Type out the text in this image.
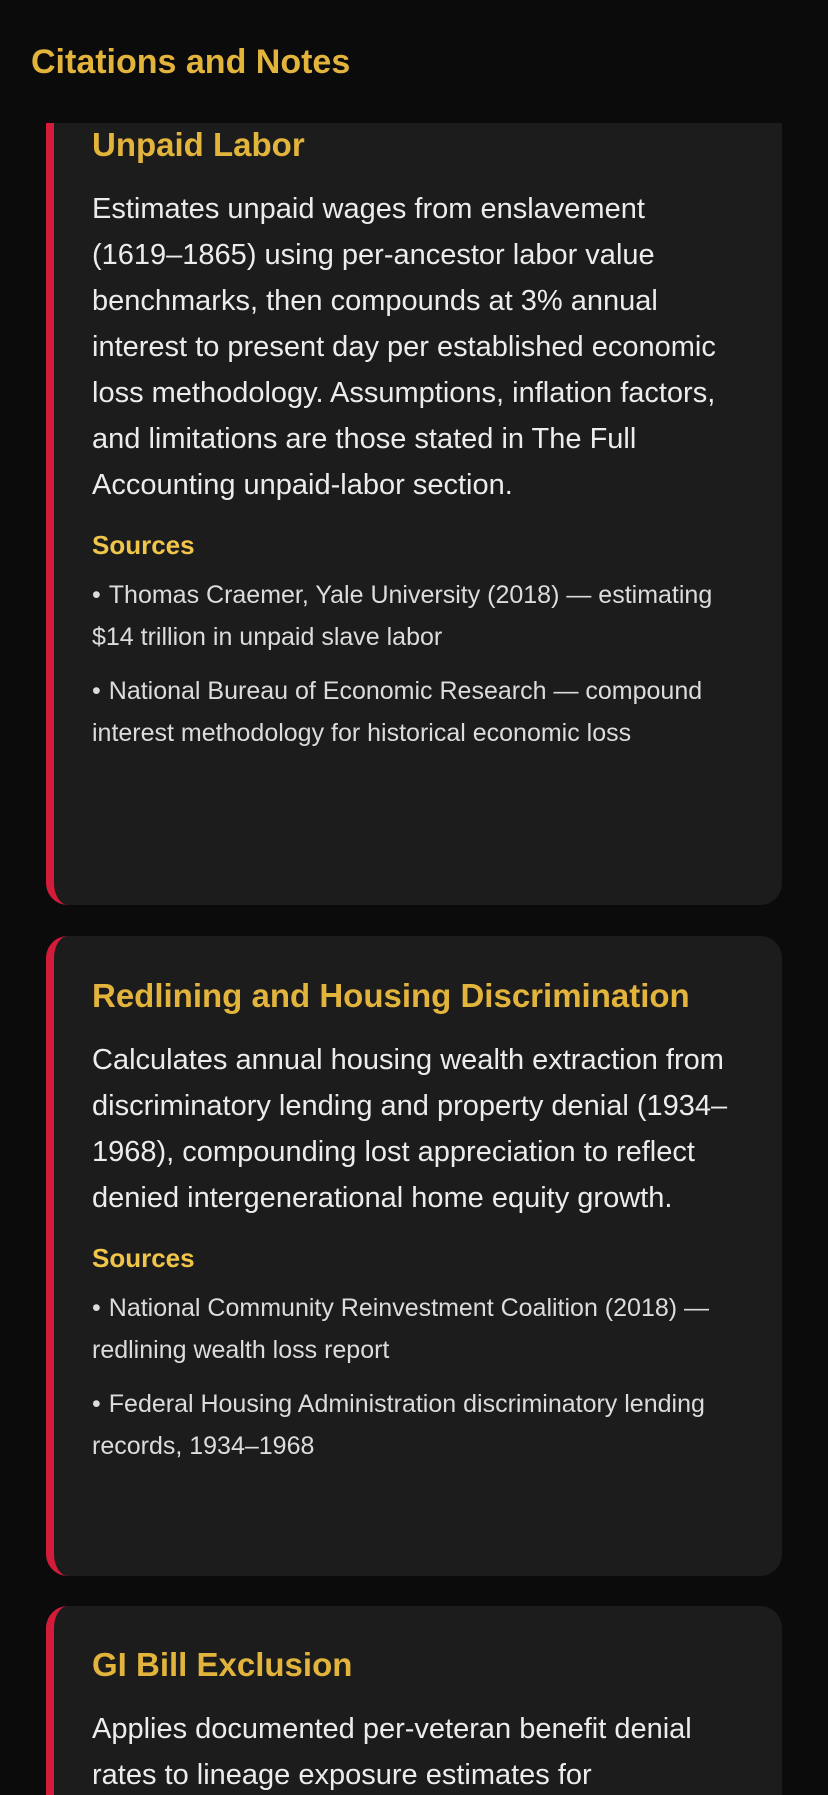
Citations and Notes
Unpaid Labor

Estimates unpaid wages from enslavement (1619–1865) using per-ancestor labor value benchmarks, then compounds at 3% annual interest to present day per established economic loss methodology. Assumptions, inflation factors, and limitations are those stated in The Full Accounting unpaid-labor section.

Sources
• Thomas Craemer, Yale University (2018) — estimating $14 trillion in unpaid slave labor
• National Bureau of Economic Research — compound interest methodology for historical economic loss
Redlining and Housing Discrimination

Calculates annual housing wealth extraction from discriminatory lending and property denial (1934–1968), compounding lost appreciation to reflect denied intergenerational home equity growth.

Sources
• National Community Reinvestment Coalition (2018) — redlining wealth loss report
• Federal Housing Administration discriminatory lending records, 1934–1968
GI Bill Exclusion

Applies documented per-veteran benefit denial rates to lineage exposure estimates for
